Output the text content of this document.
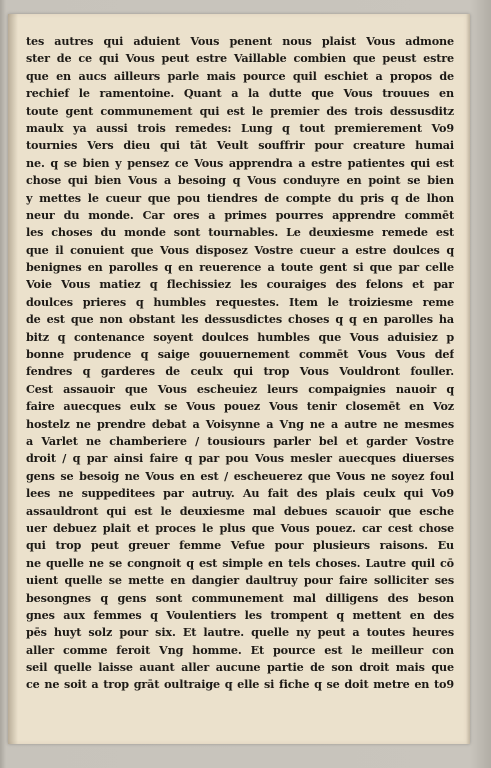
tes autres qui aduient Vous penent nous plaist Vous admone
ster de ce qui Vous peut estre Vaillable combien que peust estre
que en aucs ailleurs parle mais pource quil eschiet a propos de
rechief le ramentoine. Quant a la dutte que Vous trouues en
toute gent communement qui est le premier des trois dessusditz
maulx ya aussi trois remedes: Lung q tout premierement Vo9
tournies Vers dieu qui tāt Veult souffrir pour creature humai
ne. q se bien y pensez ce Vous apprendra a estre patientes qui est
chose qui bien Vous a besoing q Vous conduyre en point se bien
y mettes le cueur que pou tiendres de compte du pris q de lhon
neur du monde. Car ores a primes pourres apprendre commēt
les choses du monde sont tournables. Le deuxiesme remede est
que il conuient que Vous disposez Vostre cueur a estre doulces q
benignes en parolles q en reuerence a toute gent si que par celle
Voie Vous matiez q flechissiez les couraiges des felons et par
doulces prieres q humbles requestes. Item le troiziesme reme
de est que non obstant les dessusdictes choses q q en parolles ha
bitz q contenance soyent doulces humbles que Vous aduisiez p
bonne prudence q saige gouuernement commēt Vous Vous def
fendres q garderes de ceulx qui trop Vous Vouldront fouller.
Cest assauoir que Vous escheuiez leurs compaignies nauoir q
faire auecques eulx se Vous pouez Vous tenir closemēt en Voz
hostelz ne prendre debat a Voisynne a Vng ne a autre ne mesmes
a Varlet ne chamberiere / tousiours parler bel et garder Vostre
droit / q par ainsi faire q par pou Vous mesler auecques diuerses
gens se besoig ne Vous en est / escheuerez que Vous ne soyez foul
lees ne suppeditees par autruy. Au fait des plais ceulx qui Vo9
assauldront qui est le deuxiesme mal debues scauoir que esche
uer debuez plait et proces le plus que Vous pouez. car cest chose
qui trop peut greuer femme Vefue pour plusieurs raisons. Eu
ne quelle ne se congnoit q est simple en tels choses. Lautre quil cō
uient quelle se mette en dangier daultruy pour faire solliciter ses
besongnes q gens sont communement mal dilligens des beson
gnes aux femmes q Voulentiers les trompent q mettent en des
pēs huyt solz pour six. Et lautre. quelle ny peut a toutes heures
aller comme feroit Vng homme. Et pource est le meilleur con
seil quelle laisse auant aller aucune partie de son droit mais que
ce ne soit a trop grāt oultraige q elle si fiche q se doit metre en to9
